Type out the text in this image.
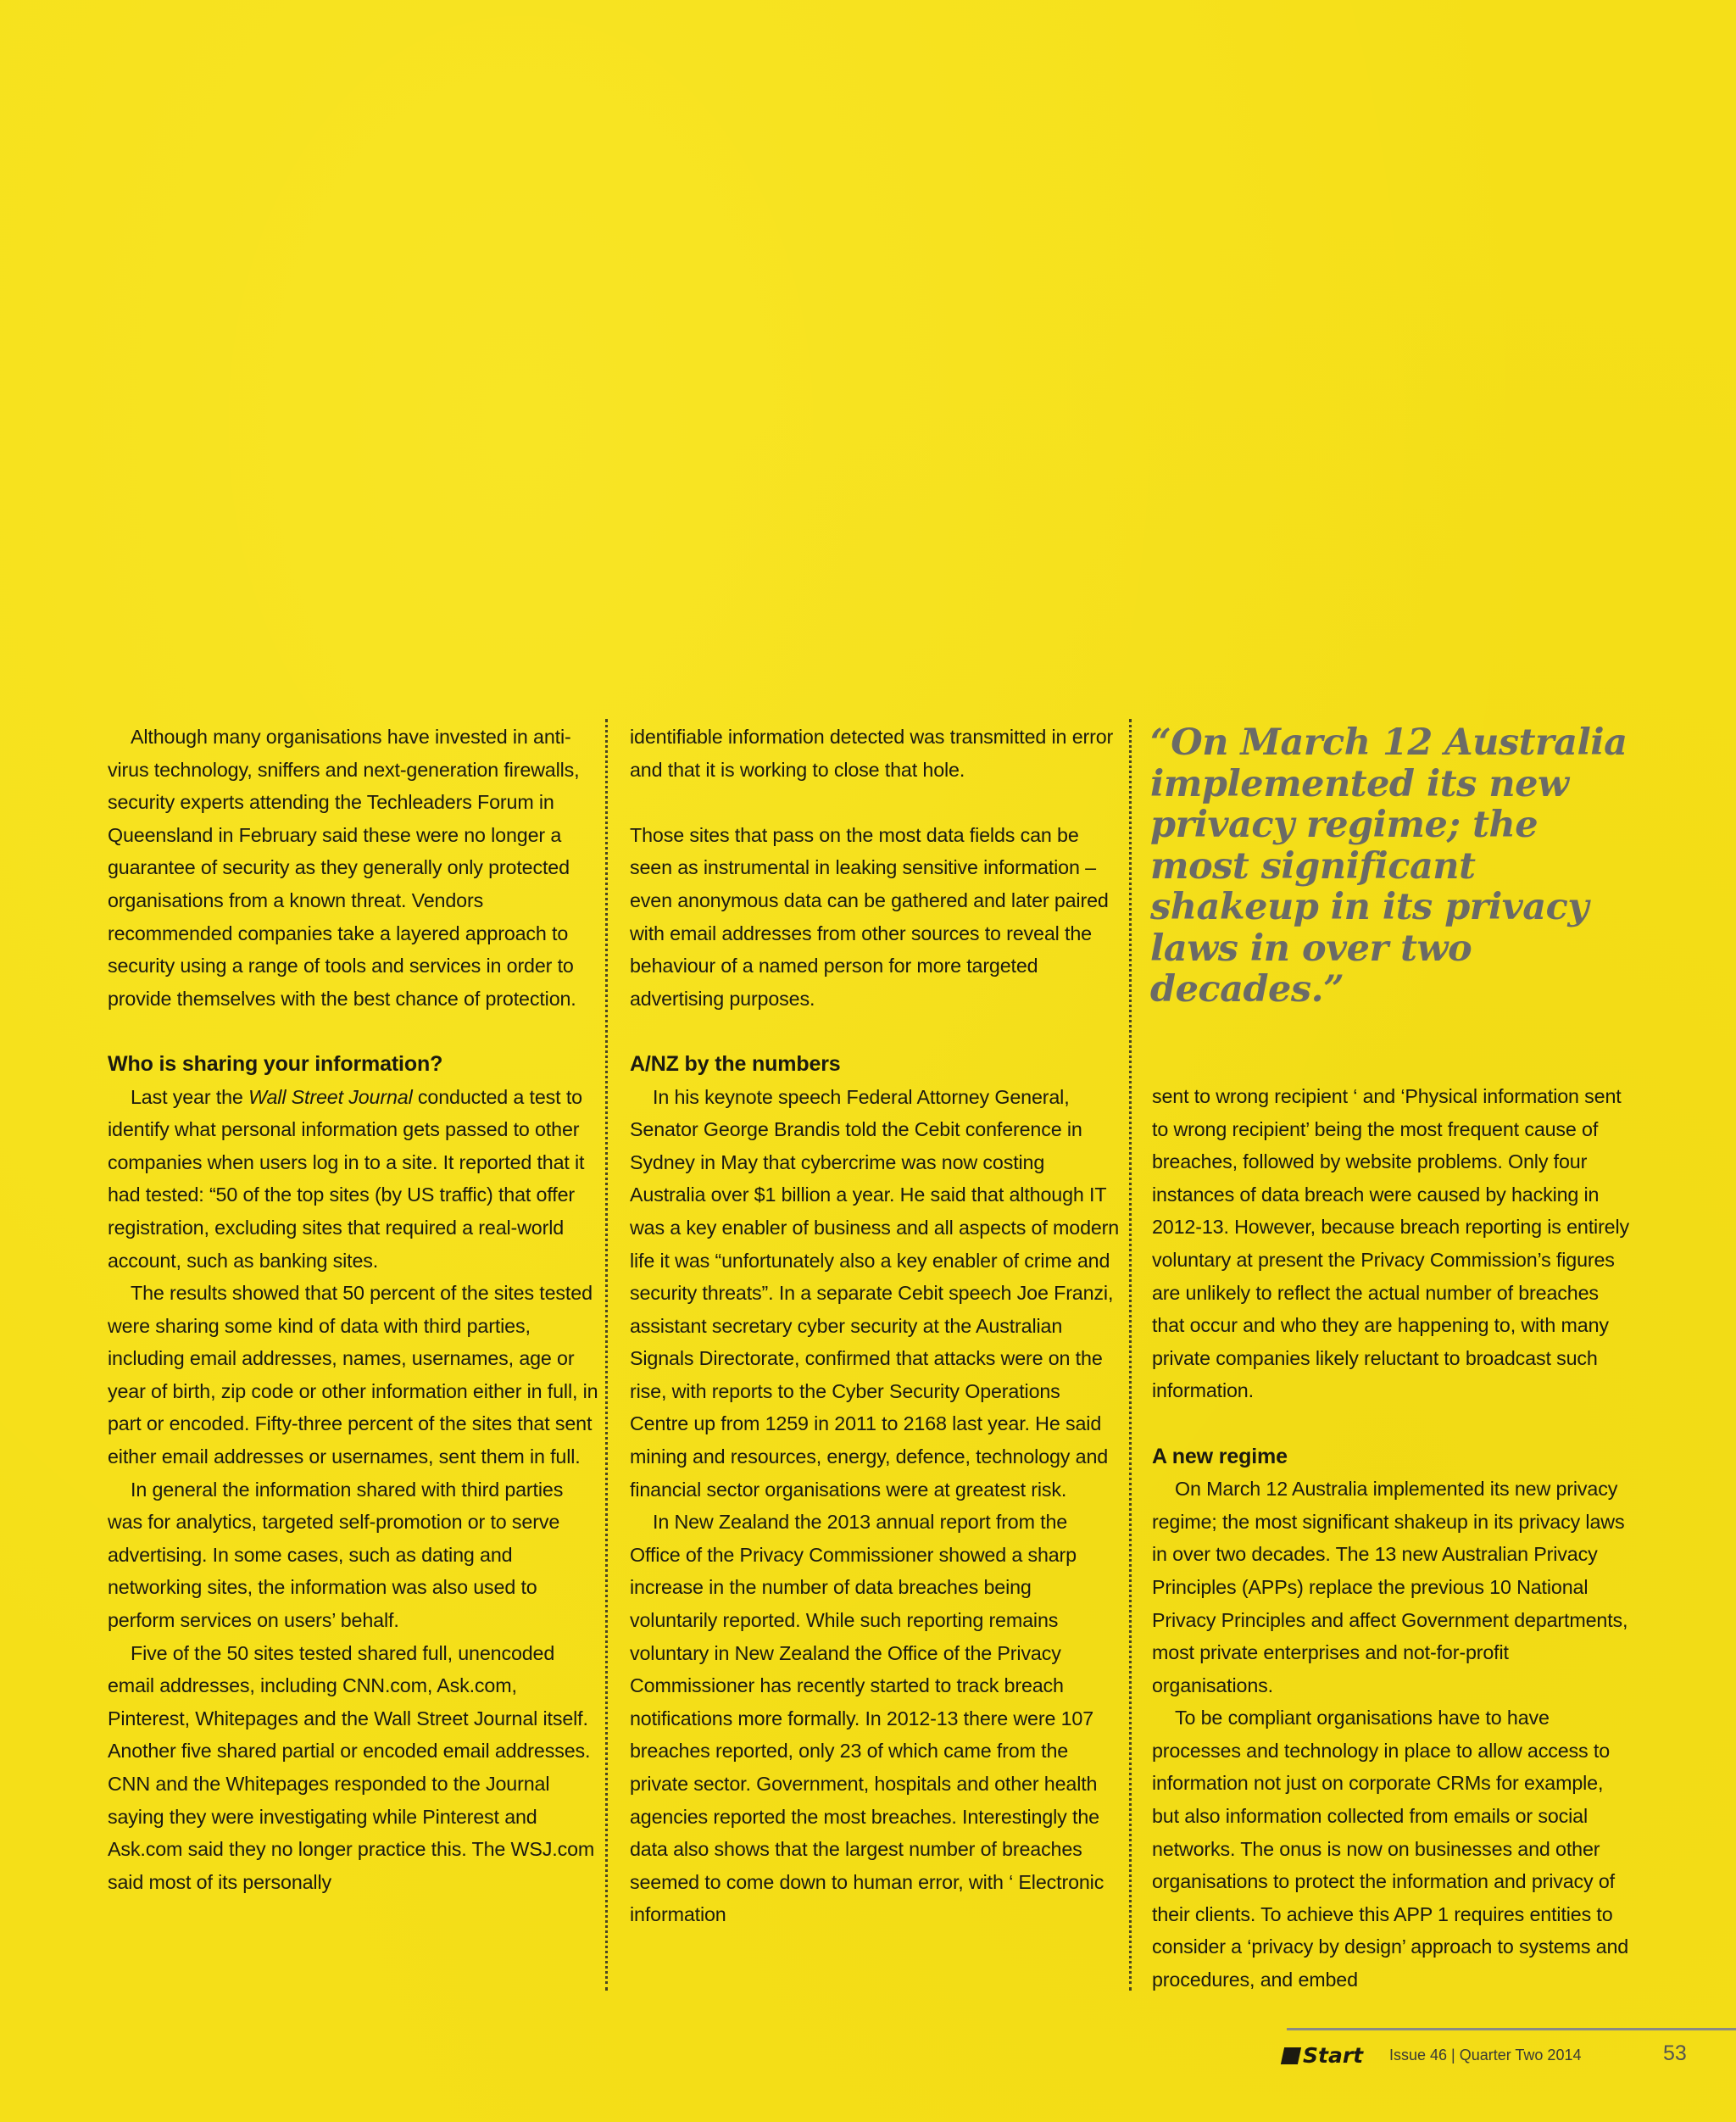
Although many organisations have invested in anti-virus technology, sniffers and next-generation firewalls, security experts attending the Techleaders Forum in Queensland in February said these were no longer a guarantee of security as they generally only protected organisations from a known threat. Vendors recommended companies take a layered approach to security using a range of tools and services in order to provide themselves with the best chance of protection.

Who is sharing your information?

Last year the Wall Street Journal conducted a test to identify what personal information gets passed to other companies when users log in to a site. It reported that it had tested: “50 of the top sites (by US traffic) that offer registration, excluding sites that required a real-world account, such as banking sites.

The results showed that 50 percent of the sites tested were sharing some kind of data with third parties, including email addresses, names, usernames, age or year of birth, zip code or other information either in full, in part or encoded. Fifty-three percent of the sites that sent either email addresses or usernames, sent them in full.

In general the information shared with third parties was for analytics, targeted self-promotion or to serve advertising. In some cases, such as dating and networking sites, the information was also used to perform services on users’ behalf.

Five of the 50 sites tested shared full, unencoded email addresses, including CNN.com, Ask.com, Pinterest, Whitepages and the Wall Street Journal itself. Another five shared partial or encoded email addresses. CNN and the Whitepages responded to the Journal saying they were investigating while Pinterest and Ask.com said they no longer practice this. The WSJ.com said most of its personally

identifiable information detected was transmitted in error and that it is working to close that hole.

Those sites that pass on the most data fields can be seen as instrumental in leaking sensitive information – even anonymous data can be gathered and later paired with email addresses from other sources to reveal the behaviour of a named person for more targeted advertising purposes.

A/NZ by the numbers

In his keynote speech Federal Attorney General, Senator George Brandis told the Cebit conference in Sydney in May that cybercrime was now costing Australia over $1 billion a year. He said that although IT was a key enabler of business and all aspects of modern life it was “unfortunately also a key enabler of crime and security threats”. In a separate Cebit speech Joe Franzi, assistant secretary cyber security at the Australian Signals Directorate, confirmed that attacks were on the rise, with reports to the Cyber Security Operations Centre up from 1259 in 2011 to 2168 last year. He said mining and resources, energy, defence, technology and financial sector organisations were at greatest risk.

In New Zealand the 2013 annual report from the Office of the Privacy Commissioner showed a sharp increase in the number of data breaches being voluntarily reported. While such reporting remains voluntary in New Zealand the Office of the Privacy Commissioner has recently started to track breach notifications more formally. In 2012-13 there were 107 breaches reported, only 23 of which came from the private sector. Government, hospitals and other health agencies reported the most breaches. Interestingly the data also shows that the largest number of breaches seemed to come down to human error, with ‘ Electronic information

“On March 12 Australia implemented its new privacy regime; the most significant shakeup in its privacy laws in over two decades.”

sent to wrong recipient ‘ and ‘Physical information sent to wrong recipient’ being the most frequent cause of breaches, followed by website problems. Only four instances of data breach were caused by hacking in 2012-13. However, because breach reporting is entirely voluntary at present the Privacy Commission’s figures are unlikely to reflect the actual number of breaches that occur and who they are happening to, with many private companies likely reluctant to broadcast such information.

A new regime

On March 12 Australia implemented its new privacy regime; the most significant shakeup in its privacy laws in over two decades. The 13 new Australian Privacy Principles (APPs) replace the previous 10 National Privacy Principles and affect Government departments, most private enterprises and not-for-profit organisations.

To be compliant organisations have to have processes and technology in place to allow access to information not just on corporate CRMs for example, but also information collected from emails or social networks. The onus is now on businesses and other organisations to protect the information and privacy of their clients. To achieve this APP 1 requires entities to consider a ‘privacy by design’ approach to systems and procedures, and embed

Start Issue 46 | Quarter Two 2014	53
